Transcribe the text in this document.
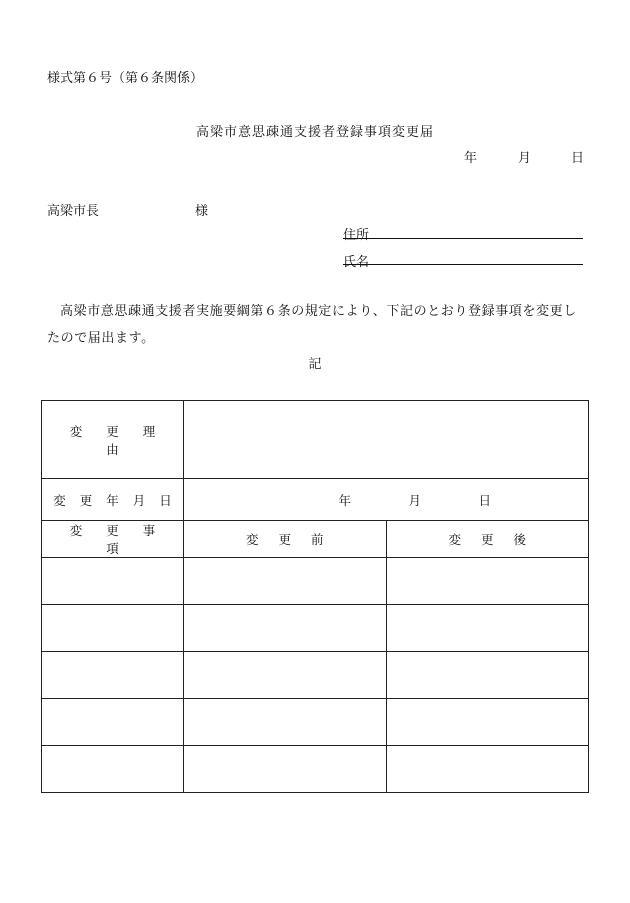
様式第６号（第６条関係）
高梁市意思疎通支援者登録事項変更届
年	月	日
高梁市長	様
住所
氏名
高梁市意思疎通支援者実施要綱第６条の規定により、下記のとおり登録事項を変更したので届出ます。
記
変 更 理 由		
変 更 年 月 日	年 月 日	
変 更 事 項	変 更 前	変 更 後
